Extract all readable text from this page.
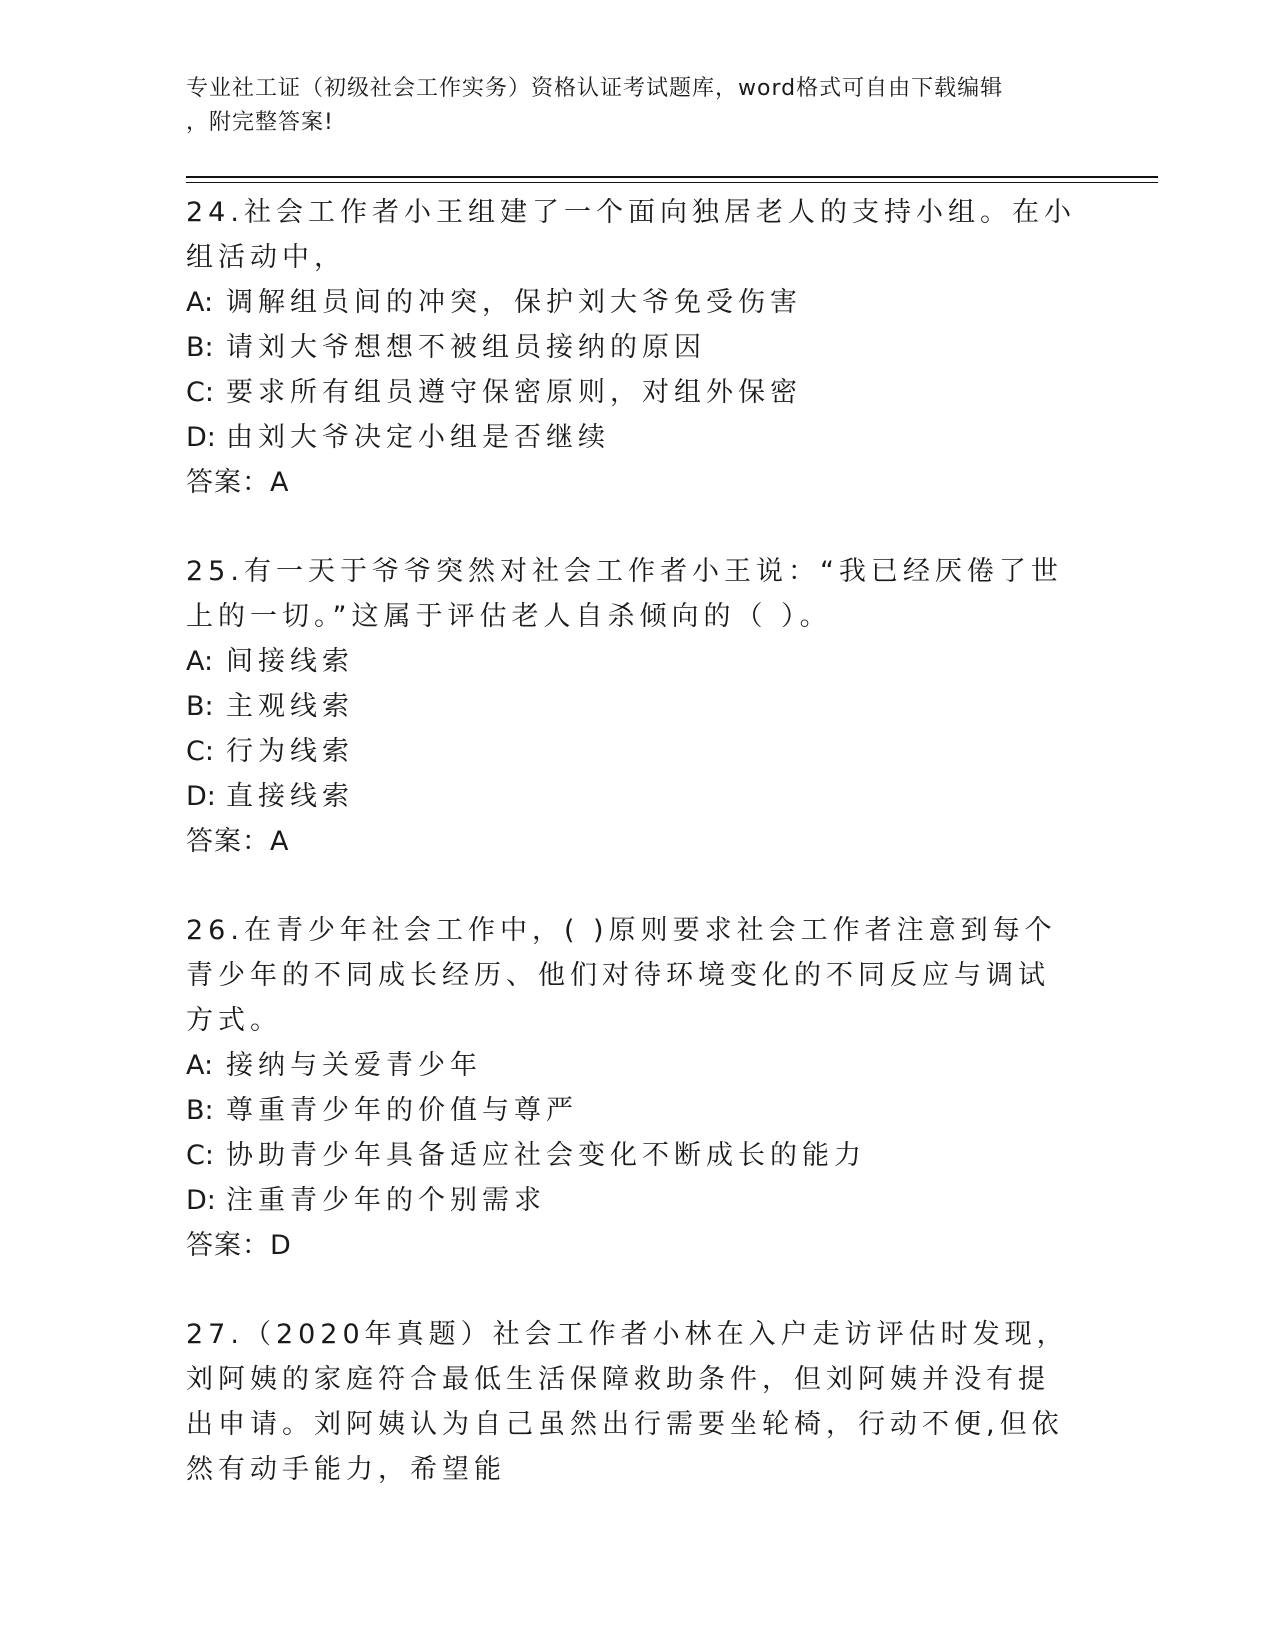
专业社工证（初级社会工作实务）资格认证考试题库，word格式可自由下载编辑
，附完整答案!
24.社会工作者小王组建了一个面向独居老人的支持小组。在小组活动中，
A: 调解组员间的冲突，保护刘大爷免受伤害
B: 请刘大爷想想不被组员接纳的原因
C: 要求所有组员遵守保密原则，对组外保密
D: 由刘大爷决定小组是否继续
答案：A
25.有一天于爷爷突然对社会工作者小王说：“我已经厌倦了世上的一切。”这属于评估老人自杀倾向的（ ）。
A: 间接线索
B: 主观线索
C: 行为线索
D: 直接线索
答案：A
26.在青少年社会工作中，( )原则要求社会工作者注意到每个青少年的不同成长经历、他们对待环境变化的不同反应与调试方式。
A: 接纳与关爱青少年
B: 尊重青少年的价值与尊严
C: 协助青少年具备适应社会变化不断成长的能力
D: 注重青少年的个别需求
答案：D
27.（2020年真题）社会工作者小林在入户走访评估时发现，刘阿姨的家庭符合最低生活保障救助条件，但刘阿姨并没有提出申请。刘阿姨认为自己虽然出行需要坐轮椅，行动不便,但依然有动手能力，希望能
